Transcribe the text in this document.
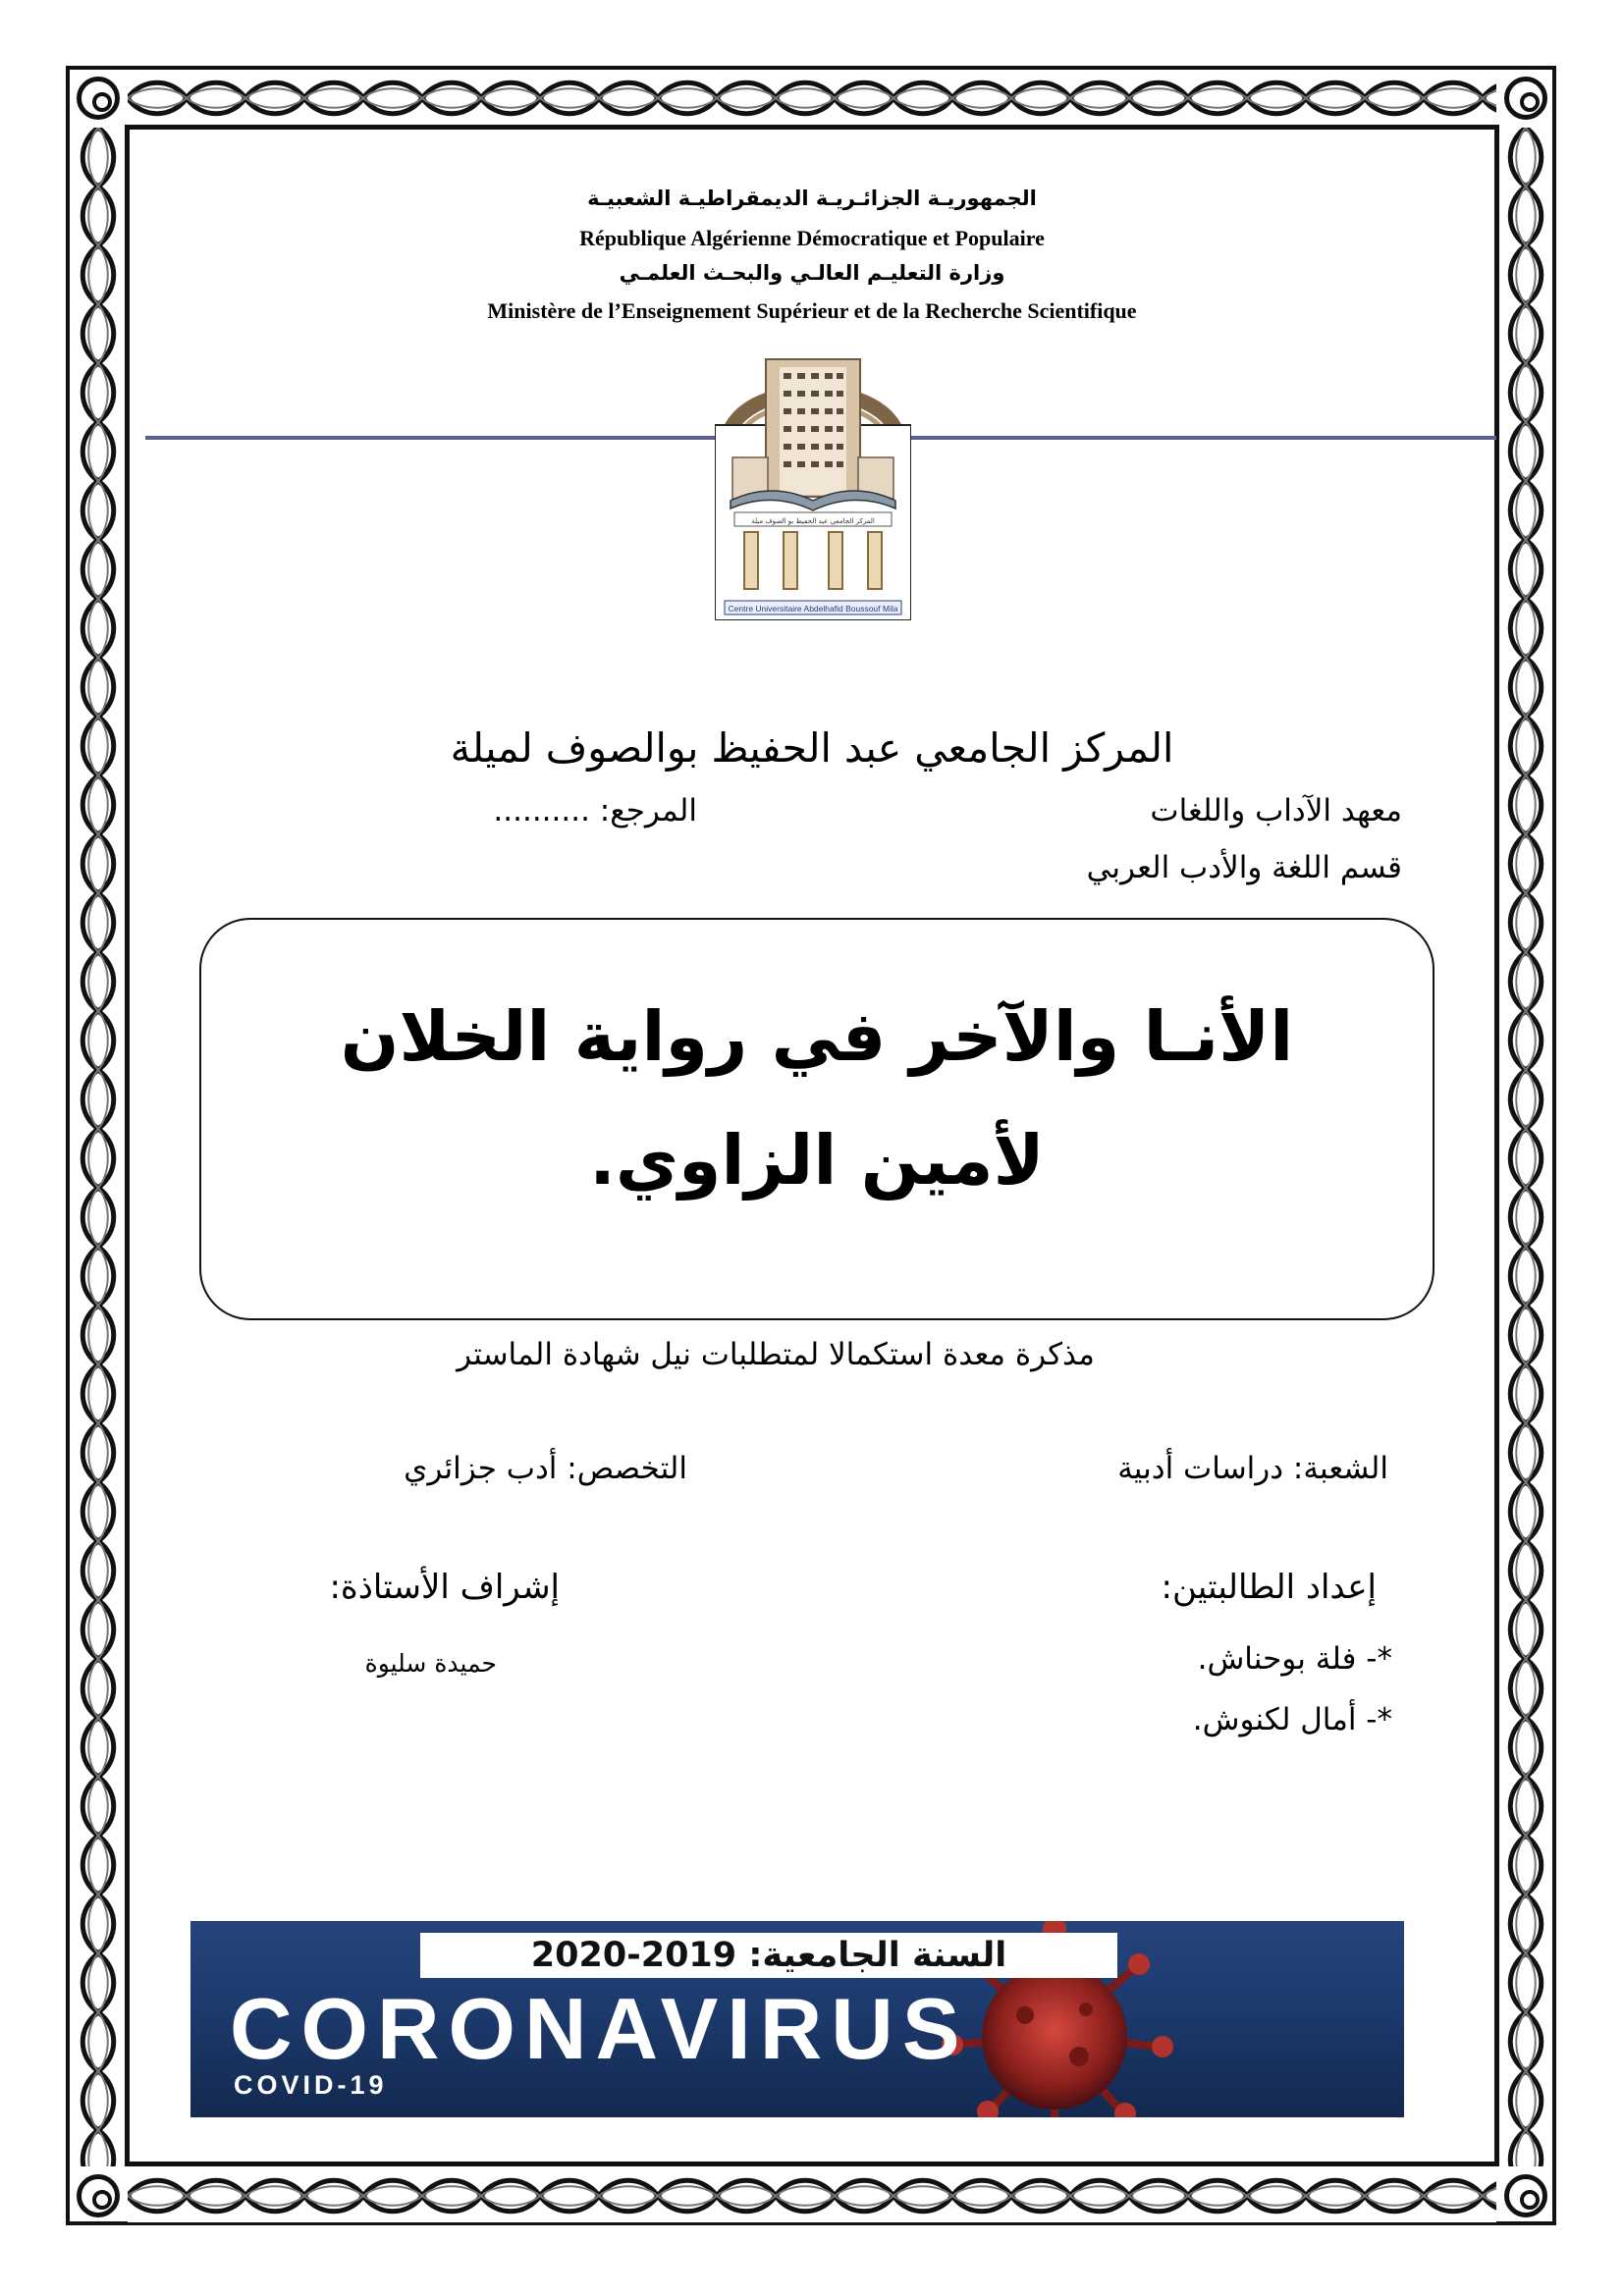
الجمهوريـة الجزائـريـة الديمقراطيـة الشعبيـة
République Algérienne Démocratique et Populaire
وزارة التعليـم العالـي والبحـث العلمـي
Ministère de l’Enseignement Supérieur et de la Recherche Scientifique
المركز الجامعي عبد الحفيظ بو الصوف ميلة
Centre Universitaire Abdelhafid Boussouf Mila
المركز الجامعي عبد الحفيظ بوالصوف لميلة
معهد الآداب واللغات
المرجع: ..........
قسم اللغة والأدب العربي
الأنـا والآخر في رواية الخلان
لأمين الزاوي.
مذكرة معدة استكمالا لمتطلبات نيل شهادة الماستر
الشعبة: دراسات أدبية
التخصص: أدب جزائري
إعداد الطالبتين:
*- فلة بوحناش.
*- أمال لكنوش.
إشراف الأستاذة:
حميدة سليوة
السنة الجامعية: 2019-2020
CORONAVIRUS
COVID-19
